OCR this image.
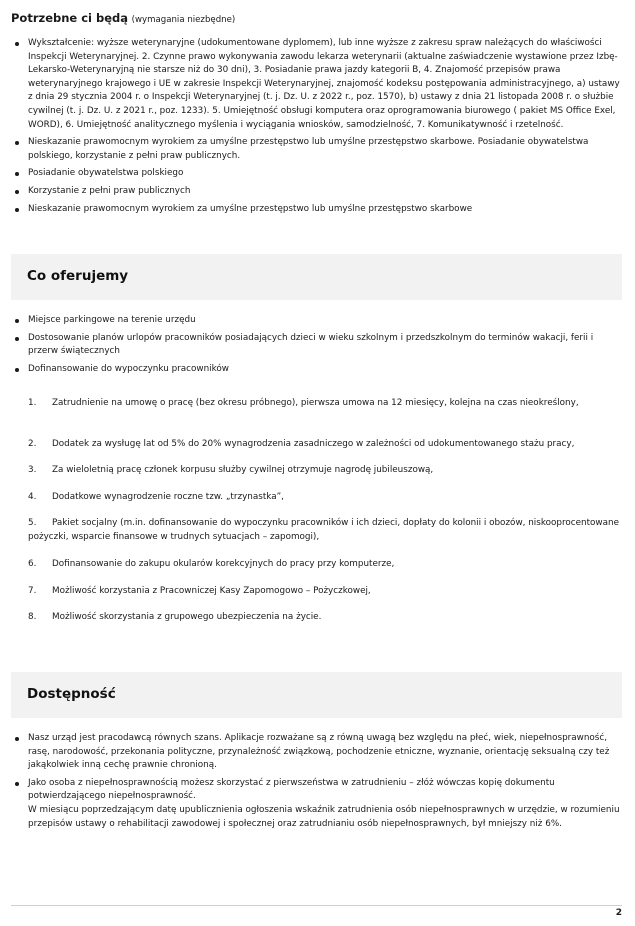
Potrzebne ci będą (wymagania niezbędne)
Wykształcenie: wyższe weterynaryjne (udokumentowane dyplomem), lub inne wyższe z zakresu spraw należących do właściwości Inspekcji Weterynaryjnej. 2. Czynne prawo wykonywania zawodu lekarza weterynarii (aktualne zaświadczenie wystawione przez Izbę-Lekarsko-Weterynaryjną nie starsze niż do 30 dni), 3. Posiadanie prawa jazdy kategorii B, 4. Znajomość przepisów prawa weterynaryjnego krajowego i UE w zakresie Inspekcji Weterynaryjnej, znajomość kodeksu postępowania administracyjnego, a) ustawy z dnia 29 stycznia 2004 r. o Inspekcji Weterynaryjnej (t. j. Dz. U. z 2022 r., poz. 1570), b) ustawy z dnia 21 listopada 2008 r. o służbie cywilnej (t. j. Dz. U. z 2021 r., poz. 1233). 5. Umiejętność obsługi komputera oraz oprogramowania biurowego ( pakiet MS Office Exel, WORD), 6. Umiejętność analitycznego myślenia i wyciągania wniosków, samodzielność, 7. Komunikatywność i rzetelność.
Nieskazanie prawomocnym wyrokiem za umyślne przestępstwo lub umyślne przestępstwo skarbowe. Posiadanie obywatelstwa polskiego, korzystanie z pełni praw publicznych.
Posiadanie obywatelstwa polskiego
Korzystanie z pełni praw publicznych
Nieskazanie prawomocnym wyrokiem za umyślne przestępstwo lub umyślne przestępstwo skarbowe
Co oferujemy
Miejsce parkingowe na terenie urzędu
Dostosowanie planów urlopów pracowników posiadających dzieci w wieku szkolnym i przedszkolnym do terminów wakacji, ferii i przerw świątecznych
Dofinansowanie do wypoczynku pracowników
1. Zatrudnienie na umowę o pracę (bez okresu próbnego), pierwsza umowa na 12 miesięcy, kolejna na czas nieokreślony,
2. Dodatek za wysługę lat od 5% do 20% wynagrodzenia zasadniczego w zależności od udokumentowanego stażu pracy,
3. Za wieloletnią pracę członek korpusu służby cywilnej otrzymuje nagrodę jubileuszową,
4. Dodatkowe wynagrodzenie roczne tzw. „trzynastka”,
5. Pakiet socjalny (m.in. dofinansowanie do wypoczynku pracowników i ich dzieci, dopłaty do kolonii i obozów, niskooprocentowane pożyczki, wsparcie finansowe w trudnych sytuacjach – zapomogi),
6. Dofinansowanie do zakupu okularów korekcyjnych do pracy przy komputerze,
7. Możliwość korzystania z Pracowniczej Kasy Zapomogowo – Pożyczkowej,
8. Możliwość skorzystania z grupowego ubezpieczenia na życie.
Dostępność
Nasz urząd jest pracodawcą równych szans. Aplikacje rozważane są z równą uwagą bez względu na płeć, wiek, niepełnosprawność, rasę, narodowość, przekonania polityczne, przynależność związkową, pochodzenie etniczne, wyznanie, orientację seksualną czy też jakąkolwiek inną cechę prawnie chronioną.
Jako osoba z niepełnosprawnością możesz skorzystać z pierwszeństwa w zatrudnieniu – złóż wówczas kopię dokumentu potwierdzającego niepełnosprawność.
W miesiącu poprzedzającym datę upublicznienia ogłoszenia wskaźnik zatrudnienia osób niepełnosprawnych w urzędzie, w rozumieniu przepisów ustawy o rehabilitacji zawodowej i społecznej oraz zatrudnianiu osób niepełnosprawnych, był mniejszy niż 6%.
2
